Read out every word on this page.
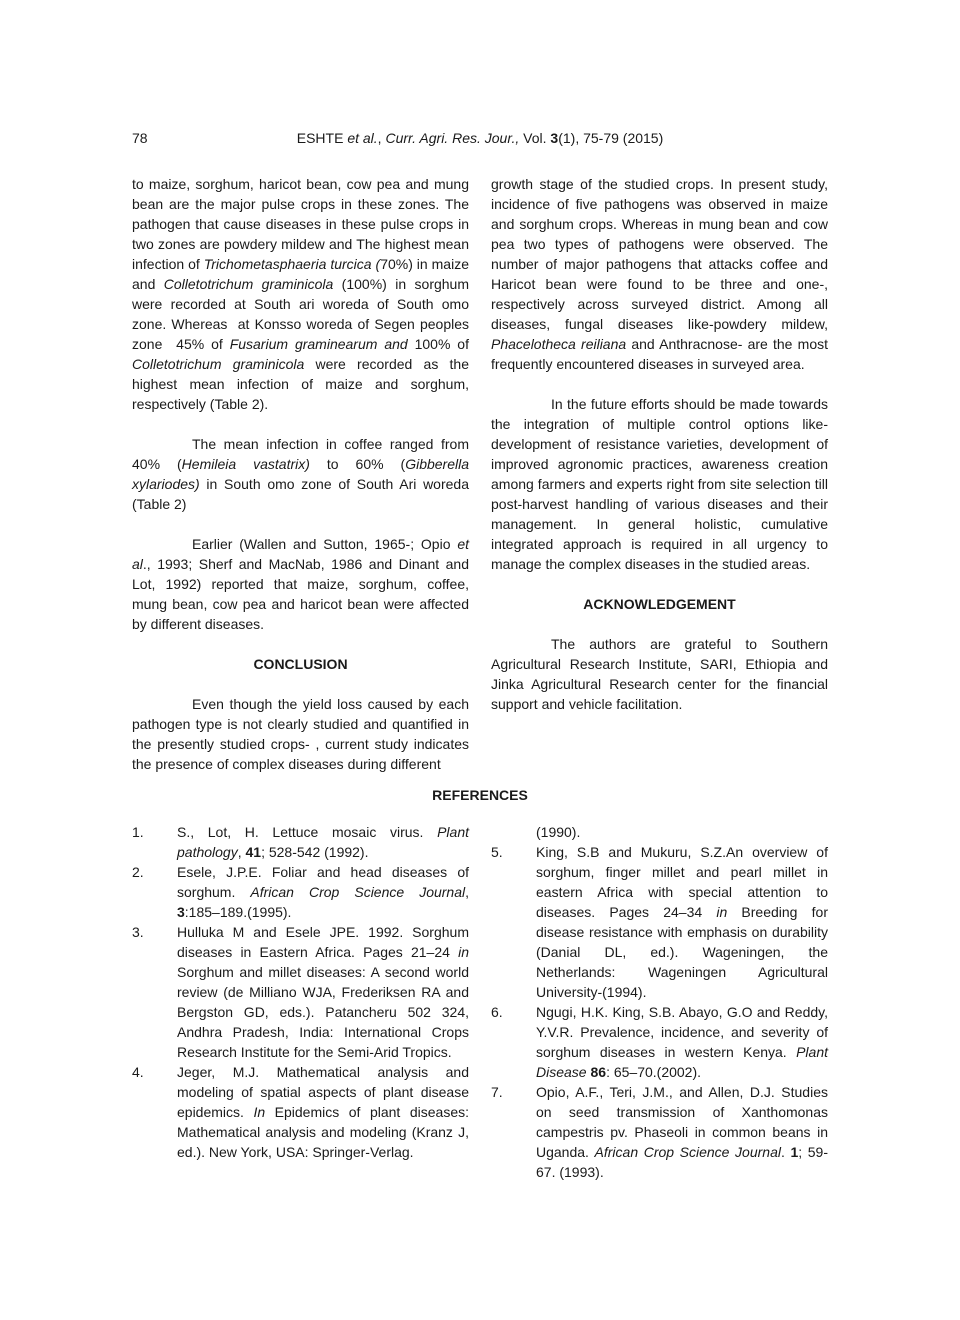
78	ESHTE et al., Curr. Agri. Res. Jour., Vol. 3(1), 75-79 (2015)

to maize, sorghum, haricot bean, cow pea and mung bean are the major pulse crops in these zones. The pathogen that cause diseases in these pulse crops in two zones are powdery mildew and The highest mean infection of Trichometasphaeria turcica (70%) in maize and Colletotrichum graminicola (100%) in sorghum were recorded at South ari woreda of South omo zone. Whereas  at Konsso woreda of Segen peoples zone  45% of Fusarium graminearum and 100% of Colletotrichum graminicola were recorded as the highest mean infection of maize and sorghum, respectively (Table 2).

The mean infection in coffee ranged from 40% (Hemileia vastatrix) to 60% (Gibberella xylariodes) in South omo zone of South Ari woreda (Table 2)

Earlier (Wallen and Sutton, 1965-; Opio et al., 1993; Sherf and MacNab, 1986 and Dinant and Lot, 1992) reported that maize, sorghum, coffee, mung bean, cow pea and haricot bean were affected by different diseases.

CONCLUSION

Even though the yield loss caused by each pathogen type is not clearly studied and quantified in the presently studied crops- , current study indicates the presence of complex diseases during different

growth stage of the studied crops. In present study, incidence of five pathogens was observed in maize and sorghum crops. Whereas in mung bean and cow pea two types of pathogens were observed. The number of major pathogens that attacks coffee and Haricot bean were found to be three and one-, respectively across surveyed district. Among all diseases, fungal diseases like-powdery mildew, Phacelotheca reiliana and Anthracnose- are the most frequently encountered diseases in surveyed area.

In the future efforts should be made towards the integration of multiple control options like-development of resistance varieties, development of improved agronomic practices, awareness creation among farmers and experts right from site selection till post-harvest handling of various diseases and their management. In general holistic, cumulative integrated approach is required in all urgency to manage the complex diseases in the studied areas.

ACKNOWLEDGEMENT

The authors are grateful to Southern Agricultural Research Institute, SARI, Ethiopia and Jinka Agricultural Research center for the financial support and vehicle facilitation.

REFERENCES
1. S., Lot, H. Lettuce mosaic virus. Plant pathology, 41; 528-542 (1992).
2. Esele, J.P.E. Foliar and head diseases of sorghum. African Crop Science Journal, 3:185–189.(1995).
3. Hulluka M and Esele JPE. 1992. Sorghum diseases in Eastern Africa. Pages 21–24 in Sorghum and millet diseases: A second world review (de Milliano WJA, Frederiksen RA and Bergston GD, eds.). Patancheru 502 324, Andhra Pradesh, India: International Crops Research Institute for the Semi-Arid Tropics.
4. Jeger, M.J. Mathematical analysis and modeling of spatial aspects of plant disease epidemics. In Epidemics of plant diseases: Mathematical analysis and modeling (Kranz J, ed.). New York, USA: Springer-Verlag.
(1990).
5. King, S.B and Mukuru, S.Z.An overview of sorghum, finger millet and pearl millet in eastern Africa with special attention to diseases. Pages 24–34 in Breeding for disease resistance with emphasis on durability (Danial DL, ed.). Wageningen, the Netherlands: Wageningen Agricultural University-(1994).
6. Ngugi, H.K. King, S.B. Abayo, G.O and Reddy, Y.V.R. Prevalence, incidence, and severity of sorghum diseases in western Kenya. Plant Disease 86: 65–70.(2002).
7. Opio, A.F., Teri, J.M., and Allen, D.J. Studies on seed transmission of Xanthomonas campestris pv. Phaseoli in common beans in Uganda. African Crop Science Journal. 1; 59-67. (1993).
